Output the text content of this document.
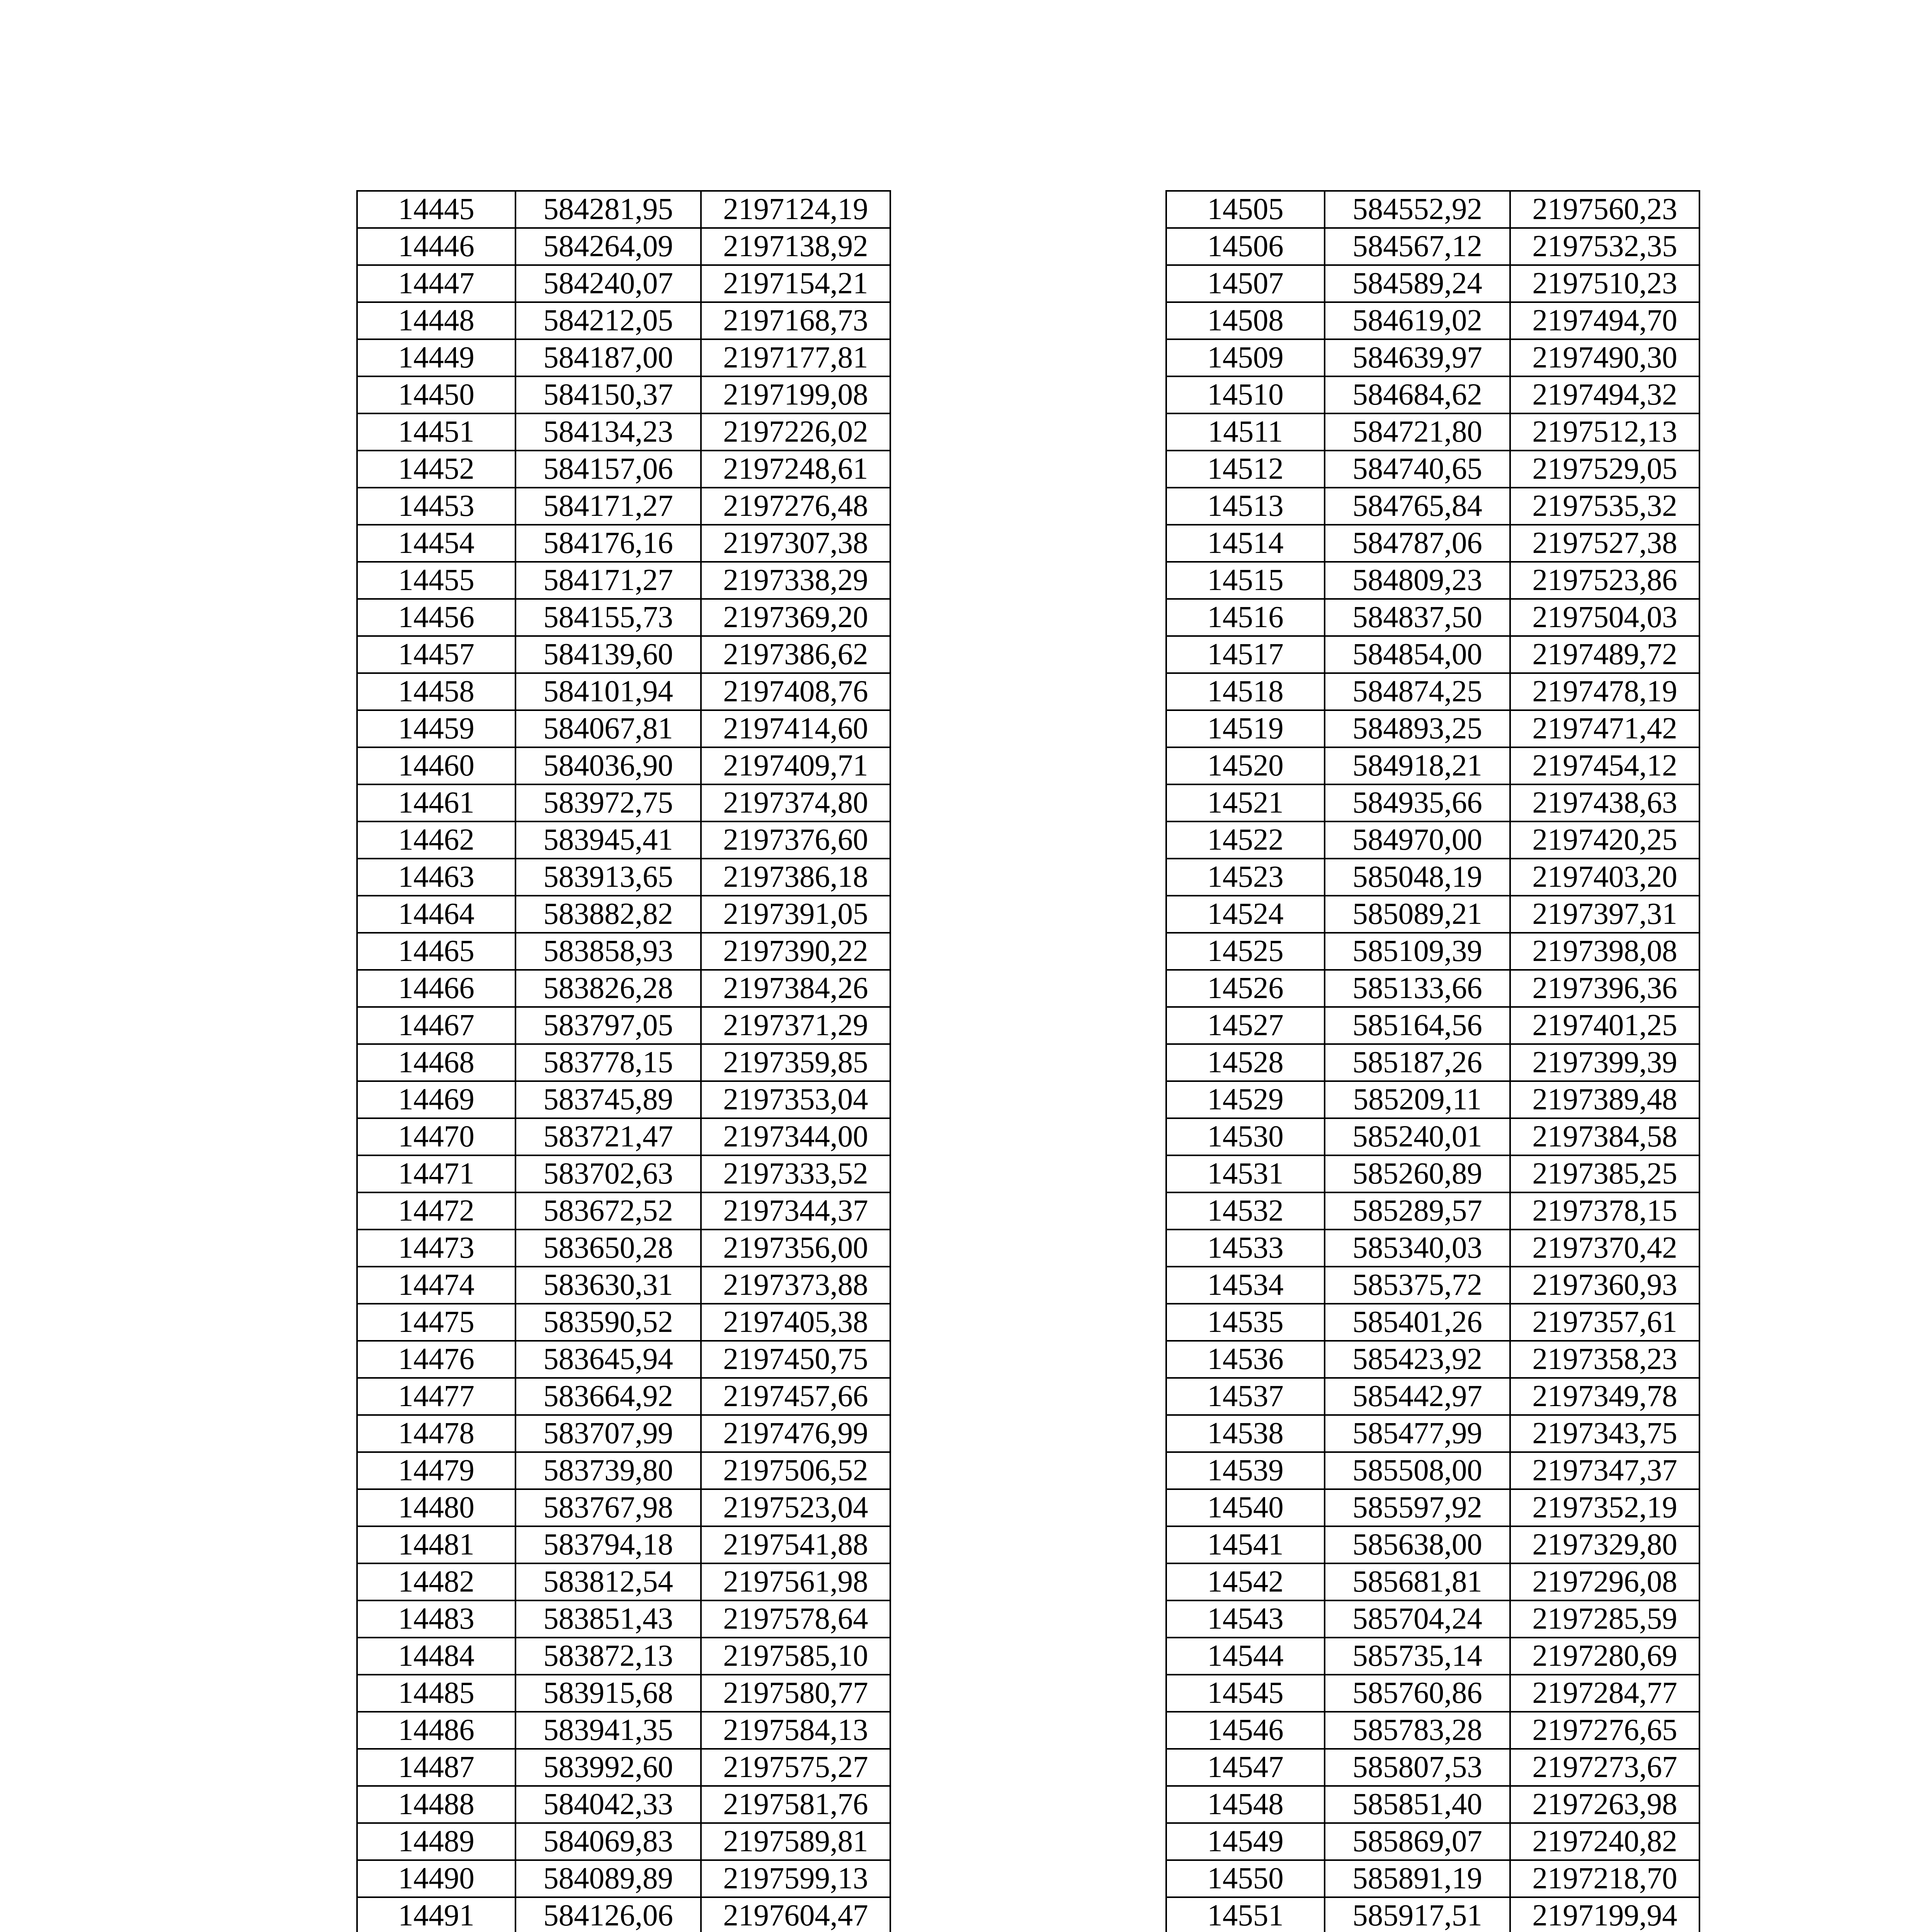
14445	584281,95	2197124,19
14446	584264,09	2197138,92
14447	584240,07	2197154,21
14448	584212,05	2197168,73
14449	584187,00	2197177,81
14450	584150,37	2197199,08
14451	584134,23	2197226,02
14452	584157,06	2197248,61
14453	584171,27	2197276,48
14454	584176,16	2197307,38
14455	584171,27	2197338,29
14456	584155,73	2197369,20
14457	584139,60	2197386,62
14458	584101,94	2197408,76
14459	584067,81	2197414,60
14460	584036,90	2197409,71
14461	583972,75	2197374,80
14462	583945,41	2197376,60
14463	583913,65	2197386,18
14464	583882,82	2197391,05
14465	583858,93	2197390,22
14466	583826,28	2197384,26
14467	583797,05	2197371,29
14468	583778,15	2197359,85
14469	583745,89	2197353,04
14470	583721,47	2197344,00
14471	583702,63	2197333,52
14472	583672,52	2197344,37
14473	583650,28	2197356,00
14474	583630,31	2197373,88
14475	583590,52	2197405,38
14476	583645,94	2197450,75
14477	583664,92	2197457,66
14478	583707,99	2197476,99
14479	583739,80	2197506,52
14480	583767,98	2197523,04
14481	583794,18	2197541,88
14482	583812,54	2197561,98
14483	583851,43	2197578,64
14484	583872,13	2197585,10
14485	583915,68	2197580,77
14486	583941,35	2197584,13
14487	583992,60	2197575,27
14488	584042,33	2197581,76
14489	584069,83	2197589,81
14490	584089,89	2197599,13
14491	584126,06	2197604,47

14505	584552,92	2197560,23
14506	584567,12	2197532,35
14507	584589,24	2197510,23
14508	584619,02	2197494,70
14509	584639,97	2197490,30
14510	584684,62	2197494,32
14511	584721,80	2197512,13
14512	584740,65	2197529,05
14513	584765,84	2197535,32
14514	584787,06	2197527,38
14515	584809,23	2197523,86
14516	584837,50	2197504,03
14517	584854,00	2197489,72
14518	584874,25	2197478,19
14519	584893,25	2197471,42
14520	584918,21	2197454,12
14521	584935,66	2197438,63
14522	584970,00	2197420,25
14523	585048,19	2197403,20
14524	585089,21	2197397,31
14525	585109,39	2197398,08
14526	585133,66	2197396,36
14527	585164,56	2197401,25
14528	585187,26	2197399,39
14529	585209,11	2197389,48
14530	585240,01	2197384,58
14531	585260,89	2197385,25
14532	585289,57	2197378,15
14533	585340,03	2197370,42
14534	585375,72	2197360,93
14535	585401,26	2197357,61
14536	585423,92	2197358,23
14537	585442,97	2197349,78
14538	585477,99	2197343,75
14539	585508,00	2197347,37
14540	585597,92	2197352,19
14541	585638,00	2197329,80
14542	585681,81	2197296,08
14543	585704,24	2197285,59
14544	585735,14	2197280,69
14545	585760,86	2197284,77
14546	585783,28	2197276,65
14547	585807,53	2197273,67
14548	585851,40	2197263,98
14549	585869,07	2197240,82
14550	585891,19	2197218,70
14551	585917,51	2197199,94
